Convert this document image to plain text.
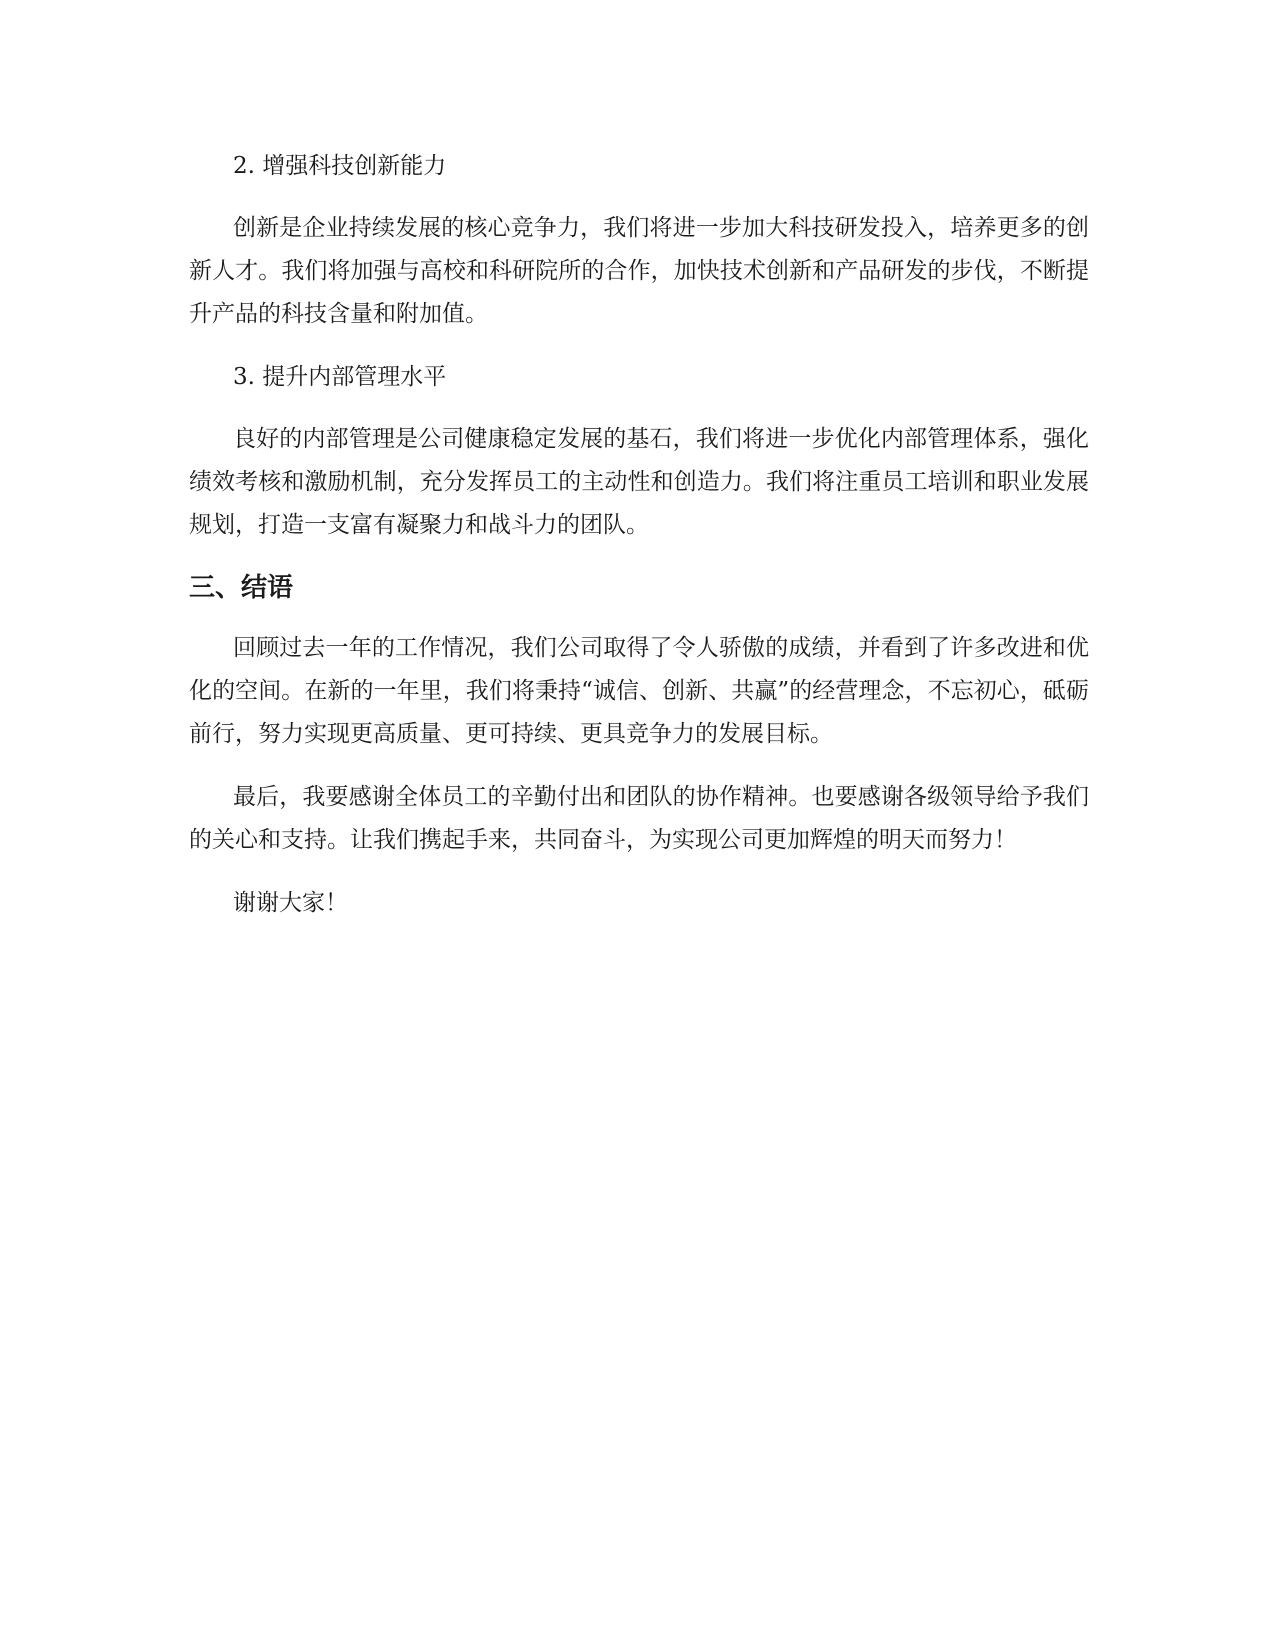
2. 增强科技创新能力

创新是企业持续发展的核心竞争力，我们将进一步加大科技研发投入，培养更多的创新人才。我们将加强与高校和科研院所的合作，加快技术创新和产品研发的步伐，不断提升产品的科技含量和附加值。

3. 提升内部管理水平

良好的内部管理是公司健康稳定发展的基石，我们将进一步优化内部管理体系，强化绩效考核和激励机制，充分发挥员工的主动性和创造力。我们将注重员工培训和职业发展规划，打造一支富有凝聚力和战斗力的团队。

三、结语

回顾过去一年的工作情况，我们公司取得了令人骄傲的成绩，并看到了许多改进和优化的空间。在新的一年里，我们将秉持“诚信、创新、共赢”的经营理念，不忘初心，砥砺前行，努力实现更高质量、更可持续、更具竞争力的发展目标。

最后，我要感谢全体员工的辛勤付出和团队的协作精神。也要感谢各级领导给予我们的关心和支持。让我们携起手来，共同奋斗，为实现公司更加辉煌的明天而努力！

谢谢大家！
